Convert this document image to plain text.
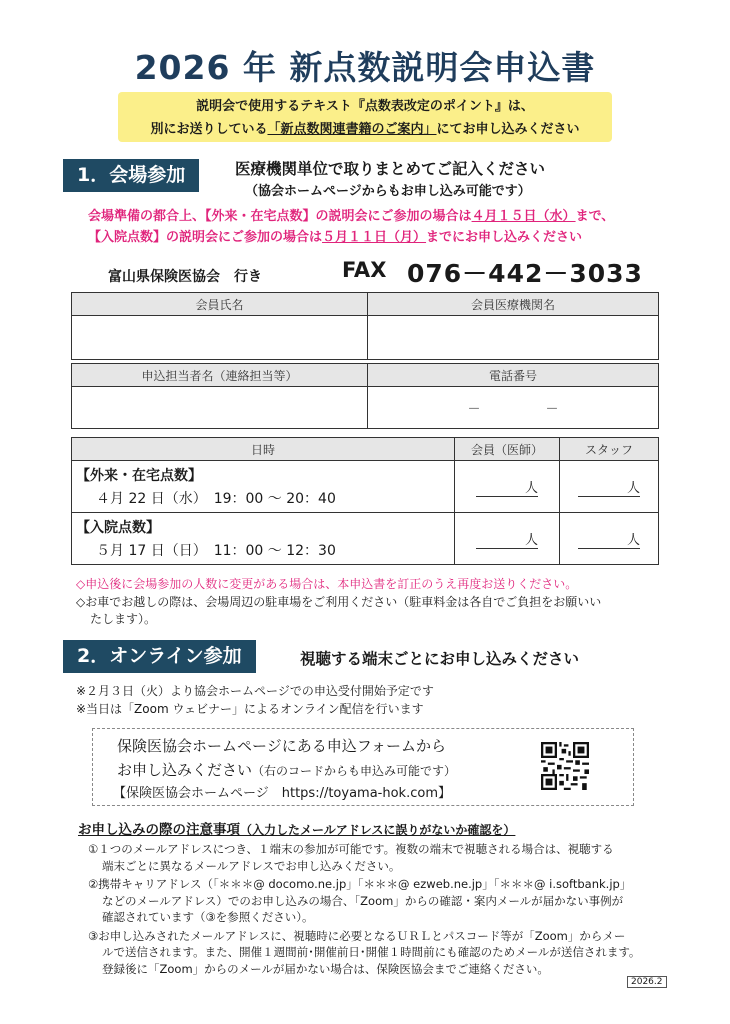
2026 年 新点数説明会申込書
説明会で使用するテキスト『点数表改定のポイント』は、
別にお送りしている「新点数関連書籍のご案内」にてお申し込みください
1．会場参加	医療機関単位で取りまとめてご記入ください
（協会ホームページからもお申し込み可能です）
会場準備の都合上、【外来・在宅点数】の説明会にご参加の場合は４月１５日（水）まで、
【入院点数】の説明会にご参加の場合は５月１１日（月）までにお申し込みください
富山県保険医協会　行き	FAX 076－442－3033
会員氏名	会員医療機関名

申込担当者名（連絡担当等）	電話番号
	－　　　　　－
日時	会員（医師）	スタッフ

【外来・在宅点数】
４月 22 日（水）　19：00 ～ 20：40	人	人

【入院点数】
５月 17 日（日）　11：00 ～ 12：30	人	人
◇申込後に会場参加の人数に変更がある場合は、本申込書を訂正のうえ再度お送りください。
◇お車でお越しの際は、会場周辺の駐車場をご利用ください（駐車料金は各自でご負担をお願いい
たします）。
2．オンライン参加	視聴する端末ごとにお申し込みください
※２月３日（火）より協会ホームページでの申込受付開始予定です
※当日は「Zoom ウェビナー」によるオンライン配信を行います
保険医協会ホームページにある申込フォームから
お申し込みください（右のコードからも申込み可能です）
【保険医協会ホームページ　https://toyama-hok.com】
お申し込みの際の注意事項（入力したメールアドレスに誤りがないか確認を）
①１つのメールアドレスにつき、１端末の参加が可能です。複数の端末で視聴される場合は、視聴する
端末ごとに異なるメールアドレスでお申し込みください。
②携帯キャリアドレス（「＊＊＊@ docomo.ne.jp」「＊＊＊@ ezweb.ne.jp」「＊＊＊@ i.softbank.jp」
などのメールアドレス）でのお申し込みの場合、「Zoom」からの確認・案内メールが届かない事例が
確認されています（③を参照ください）。
③お申し込みされたメールアドレスに、視聴時に必要となるＵＲＬとパスコード等が「Zoom」からメー
ルで送信されます。また、開催１週間前･開催前日･開催１時間前にも確認のためメールが送信されます。
登録後に「Zoom」からのメールが届かない場合は、保険医協会までご連絡ください。
2026.2
